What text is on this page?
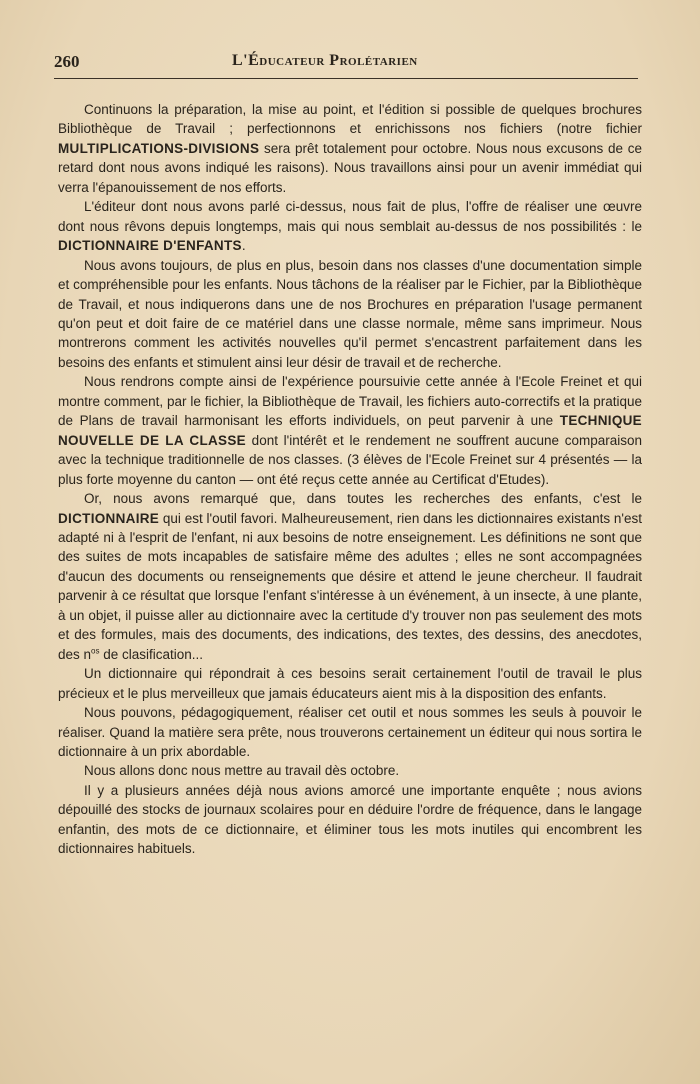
260	L'Éducateur Prolétarien

Continuons la préparation, la mise au point, et l'édition si possible de quelques brochures Bibliothèque de Travail ; perfectionnons et enrichissons nos fichiers (notre fichier MULTIPLICATIONS-DIVISIONS sera prêt totalement pour octobre. Nous nous excusons de ce retard dont nous avons indiqué les raisons). Nous travaillons ainsi pour un avenir immédiat qui verra l'épanouissement de nos efforts.

L'éditeur dont nous avons parlé ci-dessus, nous fait de plus, l'offre de réaliser une œuvre dont nous rêvons depuis longtemps, mais qui nous semblait au-dessus de nos possibilités : le DICTIONNAIRE D'ENFANTS.

Nous avons toujours, de plus en plus, besoin dans nos classes d'une documentation simple et compréhensible pour les enfants. Nous tâchons de la réaliser par le Fichier, par la Bibliothèque de Travail, et nous indiquerons dans une de nos Brochures en préparation l'usage permanent qu'on peut et doit faire de ce matériel dans une classe normale, même sans imprimeur. Nous montrerons comment les activités nouvelles qu'il permet s'encastrent parfaitement dans les besoins des enfants et stimulent ainsi leur désir de travail et de recherche.

Nous rendrons compte ainsi de l'expérience poursuivie cette année à l'Ecole Freinet et qui montre comment, par le fichier, la Bibliothèque de Travail, les fichiers auto-correctifs et la pratique de Plans de travail harmonisant les efforts individuels, on peut parvenir à une TECHNIQUE NOUVELLE DE LA CLASSE dont l'intérêt et le rendement ne souffrent aucune comparaison avec la technique traditionnelle de nos classes. (3 élèves de l'Ecole Freinet sur 4 présentés — la plus forte moyenne du canton — ont été reçus cette année au Certificat d'Etudes).

Or, nous avons remarqué que, dans toutes les recherches des enfants, c'est le DICTIONNAIRE qui est l'outil favori. Malheureusement, rien dans les dictionnaires existants n'est adapté ni à l'esprit de l'enfant, ni aux besoins de notre enseignement. Les définitions ne sont que des suites de mots incapables de satisfaire même des adultes ; elles ne sont accompagnées d'aucun des documents ou renseignements que désire et attend le jeune chercheur. Il faudrait parvenir à ce résultat que lorsque l'enfant s'intéresse à un événement, à un insecte, à une plante, à un objet, il puisse aller au dictionnaire avec la certitude d'y trouver non pas seulement des mots et des formules, mais des documents, des indications, des textes, des dessins, des anecdotes, des $n^{os}$ de clasification...

Un dictionnaire qui répondrait à ces besoins serait certainement l'outil de travail le plus précieux et le plus merveilleux que jamais éducateurs aient mis à la disposition des enfants.

Nous pouvons, pédagogiquement, réaliser cet outil et nous sommes les seuls à pouvoir le réaliser. Quand la matière sera prête, nous trouverons certainement un éditeur qui nous sortira le dictionnaire à un prix abordable.

Nous allons donc nous mettre au travail dès octobre.

Il y a plusieurs années déjà nous avions amorcé une importante enquête ; nous avions dépouillé des stocks de journaux scolaires pour en déduire l'ordre de fréquence, dans le langage enfantin, des mots de ce dictionnaire, et éliminer tous les mots inutiles qui encombrent les dictionnaires habituels.
